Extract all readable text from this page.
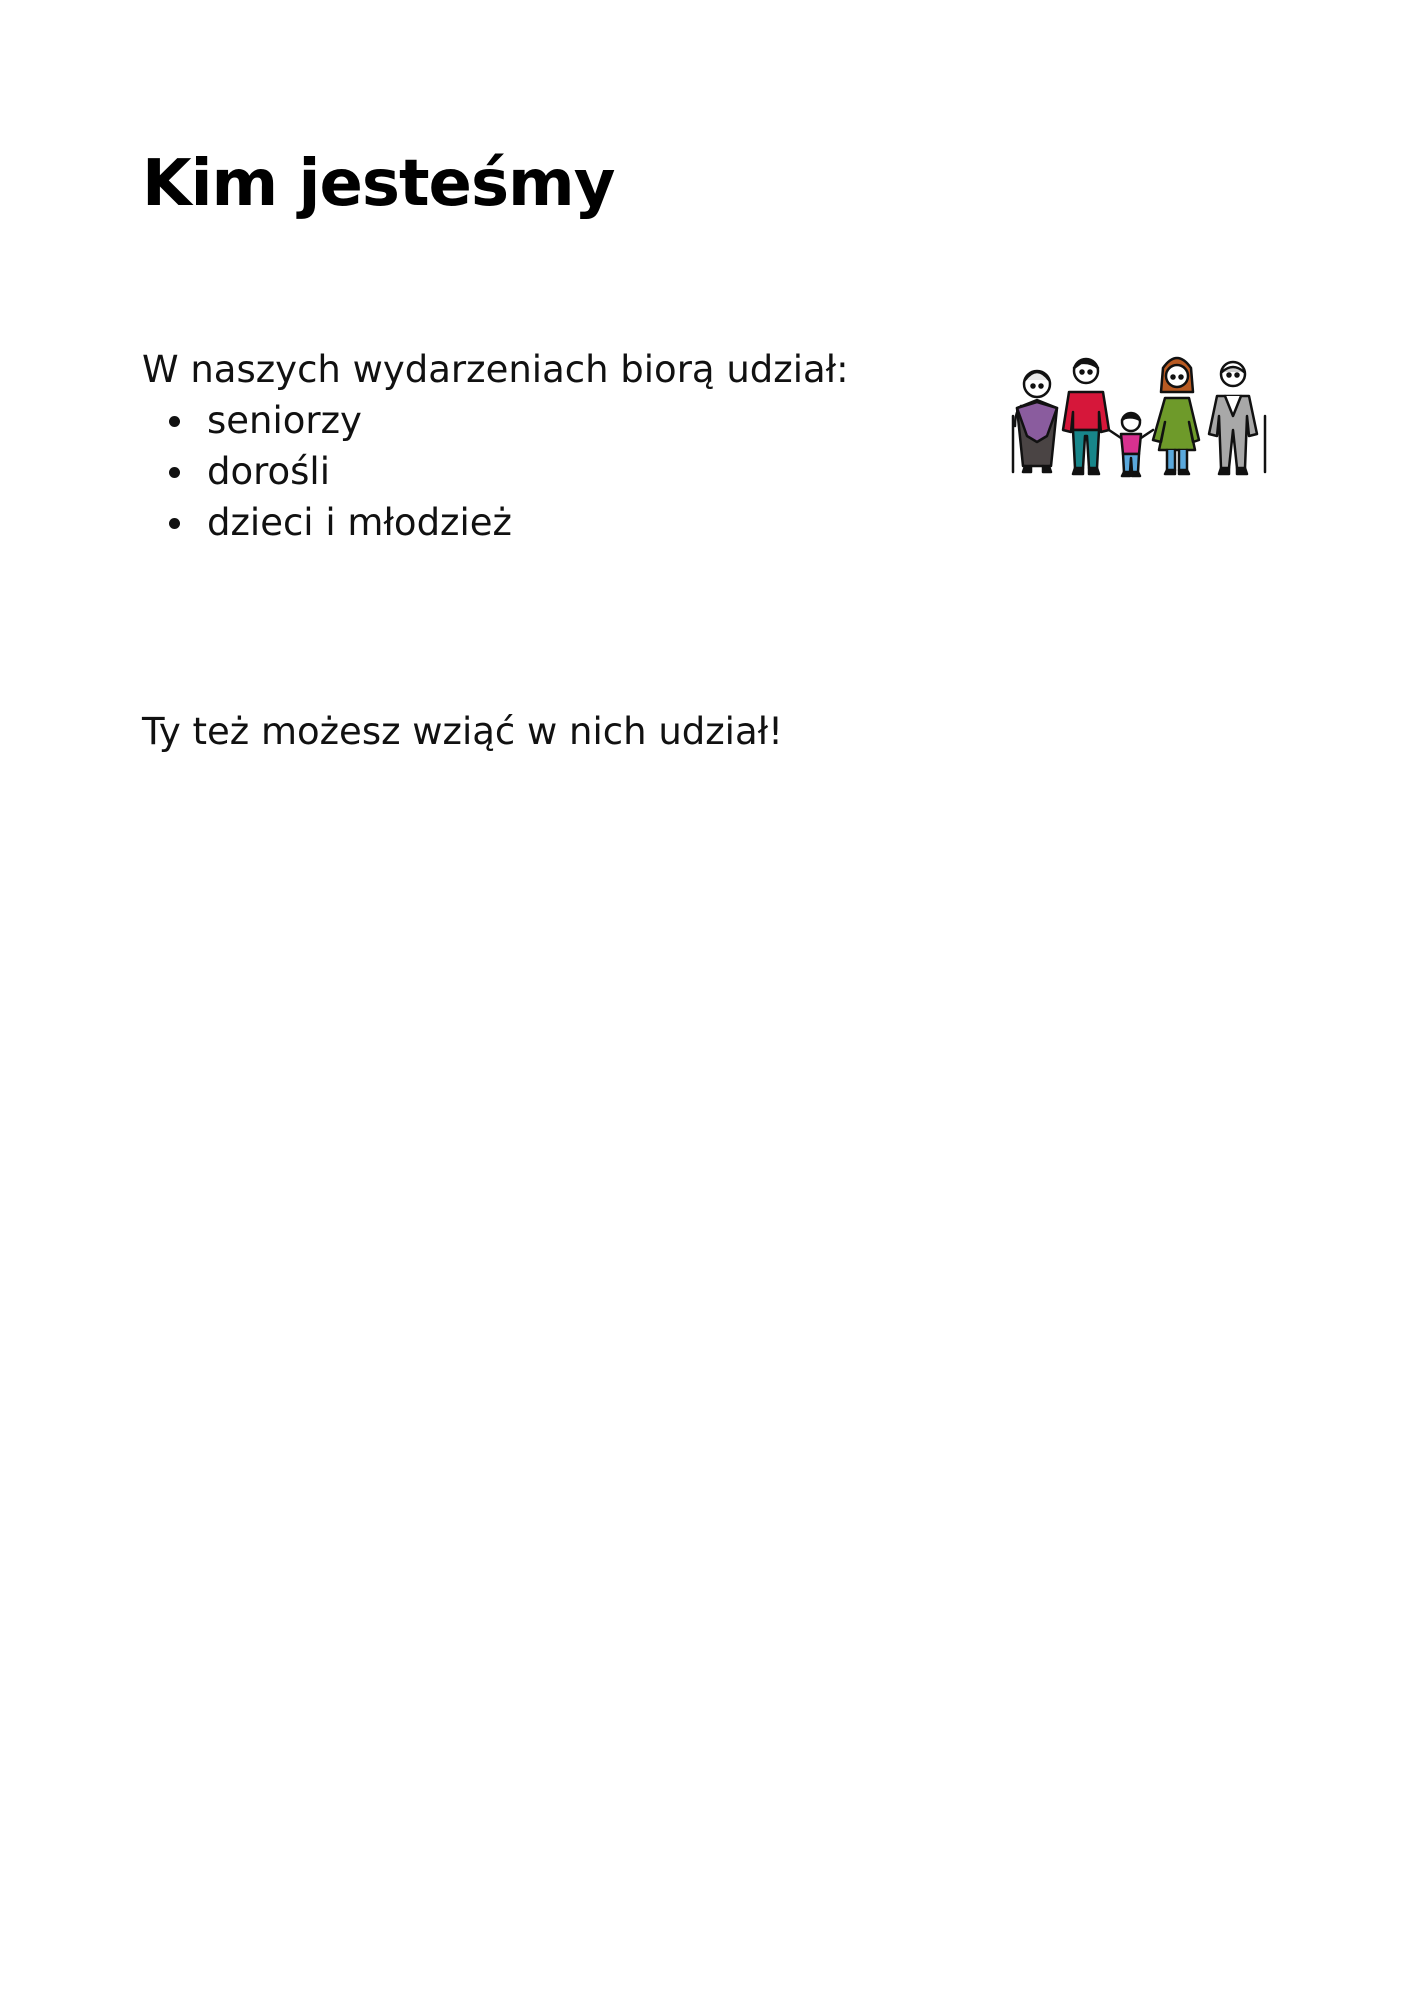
Kim jesteśmy

W naszych wydarzeniach biorą udział:

seniorzy
dorośli
dzieci i młodzież

Ty też możesz wziąć w nich udział!
